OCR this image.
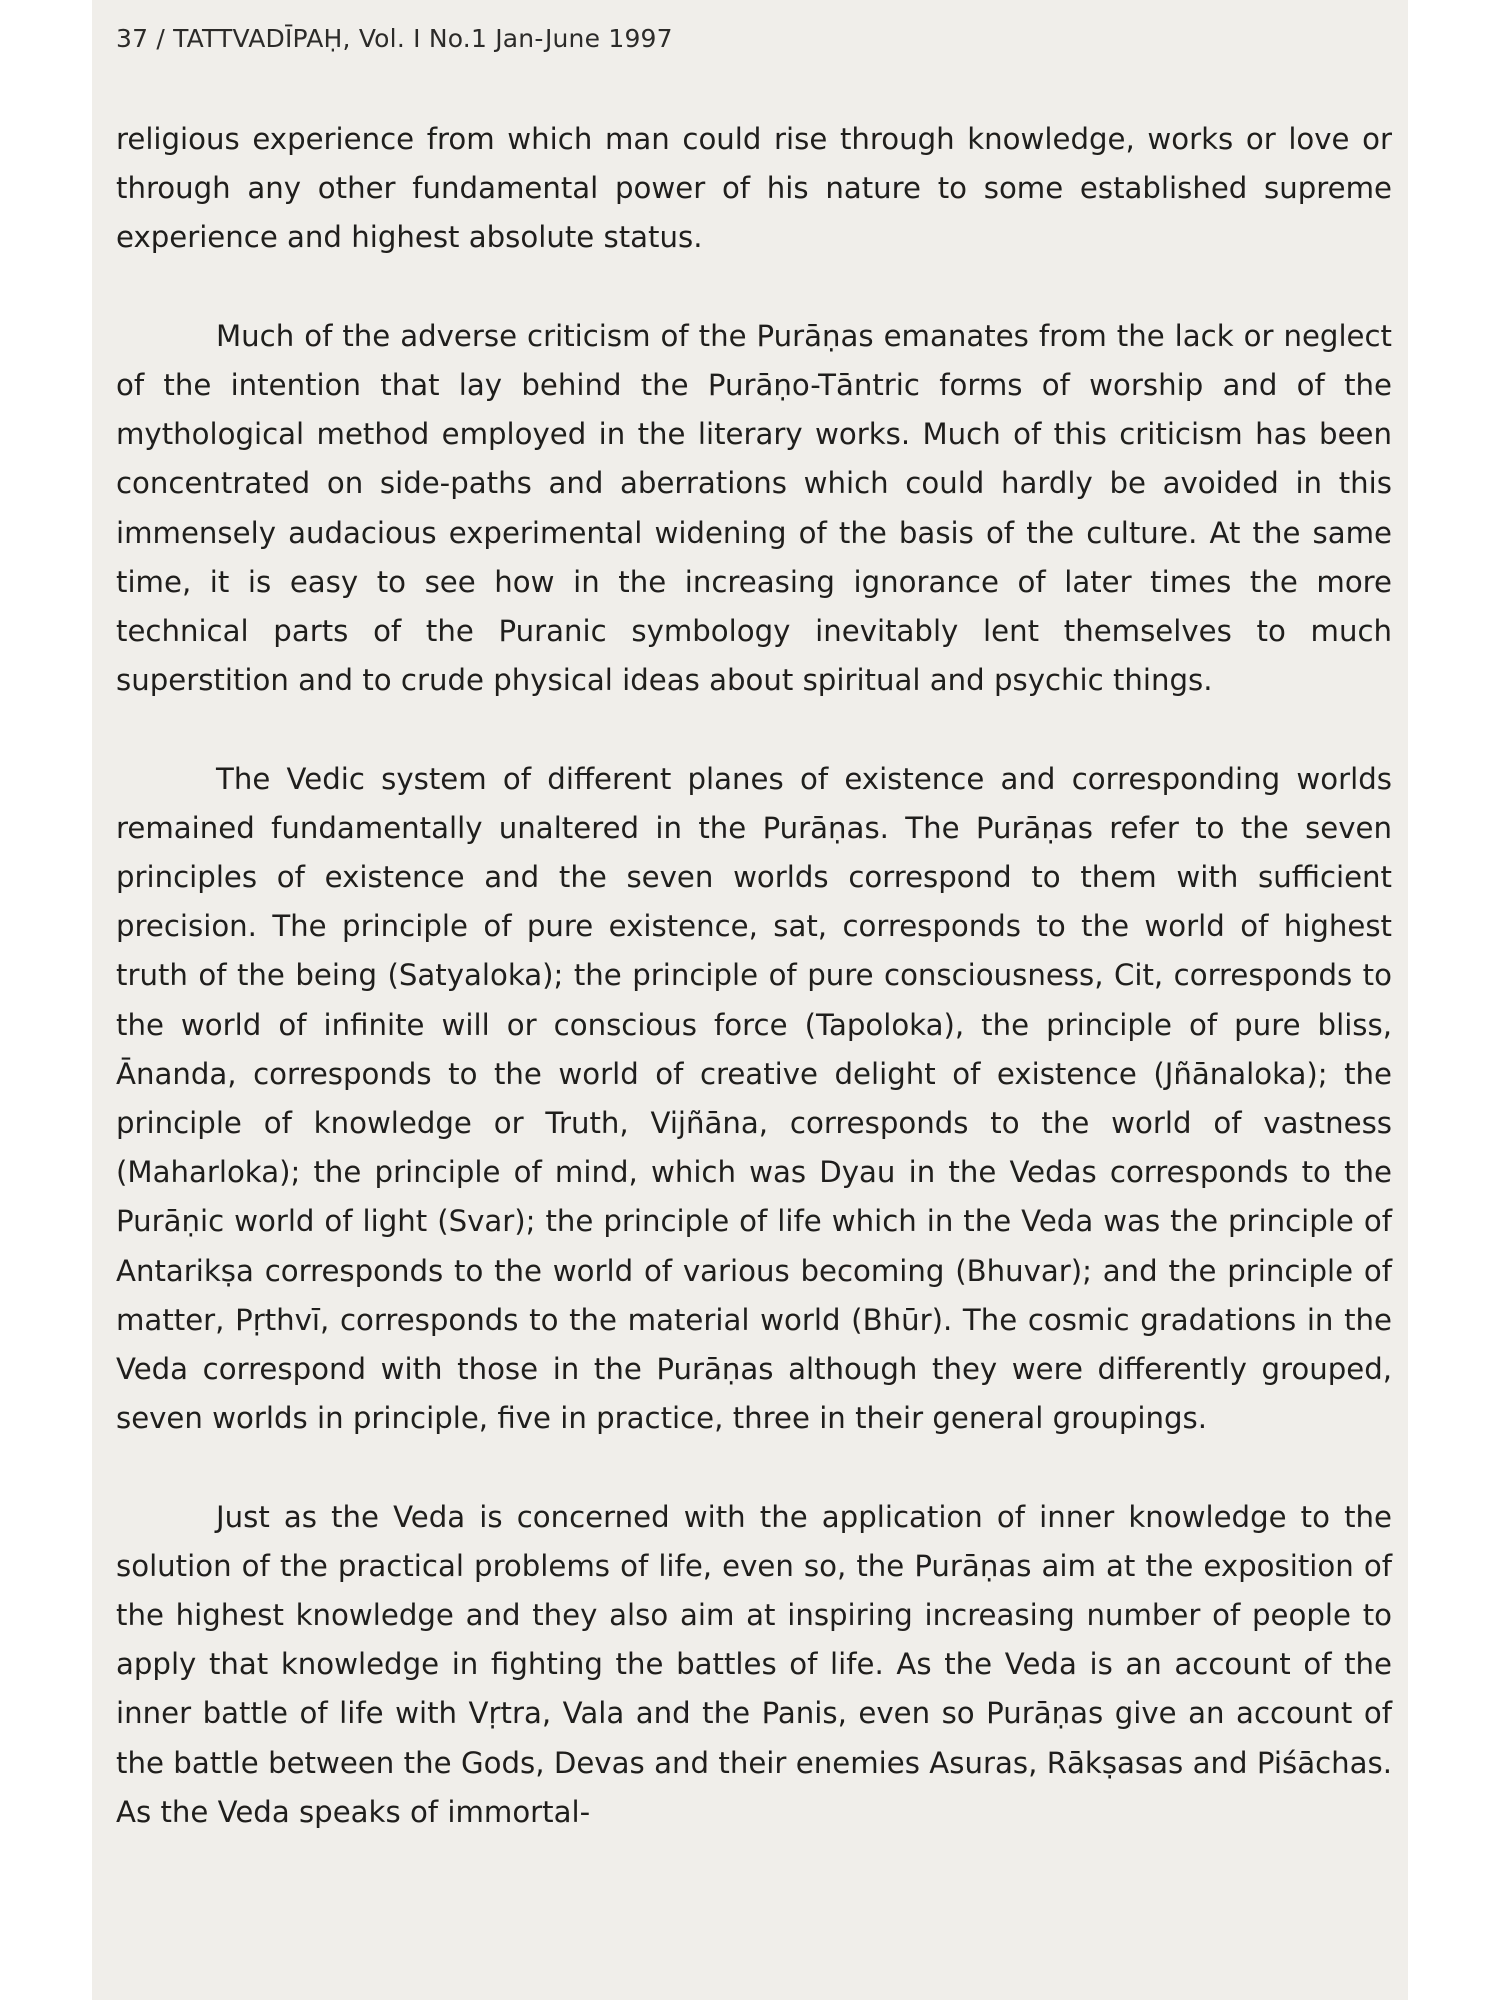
37 / TATTVADĪPAḤ, Vol. I No.1 Jan-June 1997

religious experience from which man could rise through knowledge, works or love or through any other fundamental power of his nature to some established supreme experience and highest absolute status.

Much of the adverse criticism of the Purāṇas emanates from the lack or neglect of the intention that lay behind the Purāṇo-Tāntric forms of worship and of the mythological method employed in the literary works. Much of this criticism has been concentrated on side-paths and aberrations which could hardly be avoided in this immensely audacious experimental widening of the basis of the culture. At the same time, it is easy to see how in the increasing ignorance of later times the more technical parts of the Puranic symbology inevitably lent themselves to much superstition and to crude physical ideas about spiritual and psychic things.

The Vedic system of different planes of existence and corresponding worlds remained fundamentally unaltered in the Purāṇas. The Purāṇas refer to the seven principles of existence and the seven worlds correspond to them with sufficient precision. The principle of pure existence, sat, corresponds to the world of highest truth of the being (Satyaloka); the principle of pure consciousness, Cit, corresponds to the world of infinite will or conscious force (Tapoloka), the principle of pure bliss, Ānanda, corresponds to the world of creative delight of existence (Jñānaloka); the principle of knowledge or Truth, Vijñāna, corresponds to the world of vastness (Maharloka); the principle of mind, which was Dyau in the Vedas corresponds to the Purāṇic world of light (Svar); the principle of life which in the Veda was the principle of Antarikṣa corresponds to the world of various becoming (Bhuvar); and the principle of matter, Pṛthvī, corresponds to the material world (Bhūr). The cosmic gradations in the Veda correspond with those in the Purāṇas although they were differently grouped, seven worlds in principle, five in practice, three in their general groupings.

Just as the Veda is concerned with the application of inner knowledge to the solution of the practical problems of life, even so, the Purāṇas aim at the exposition of the highest knowledge and they also aim at inspiring increasing number of people to apply that knowledge in fighting the battles of life. As the Veda is an account of the inner battle of life with Vṛtra, Vala and the Panis, even so Purāṇas give an account of the battle between the Gods, Devas and their enemies Asuras, Rākṣasas and Piśāchas. As the Veda speaks of immortal-
